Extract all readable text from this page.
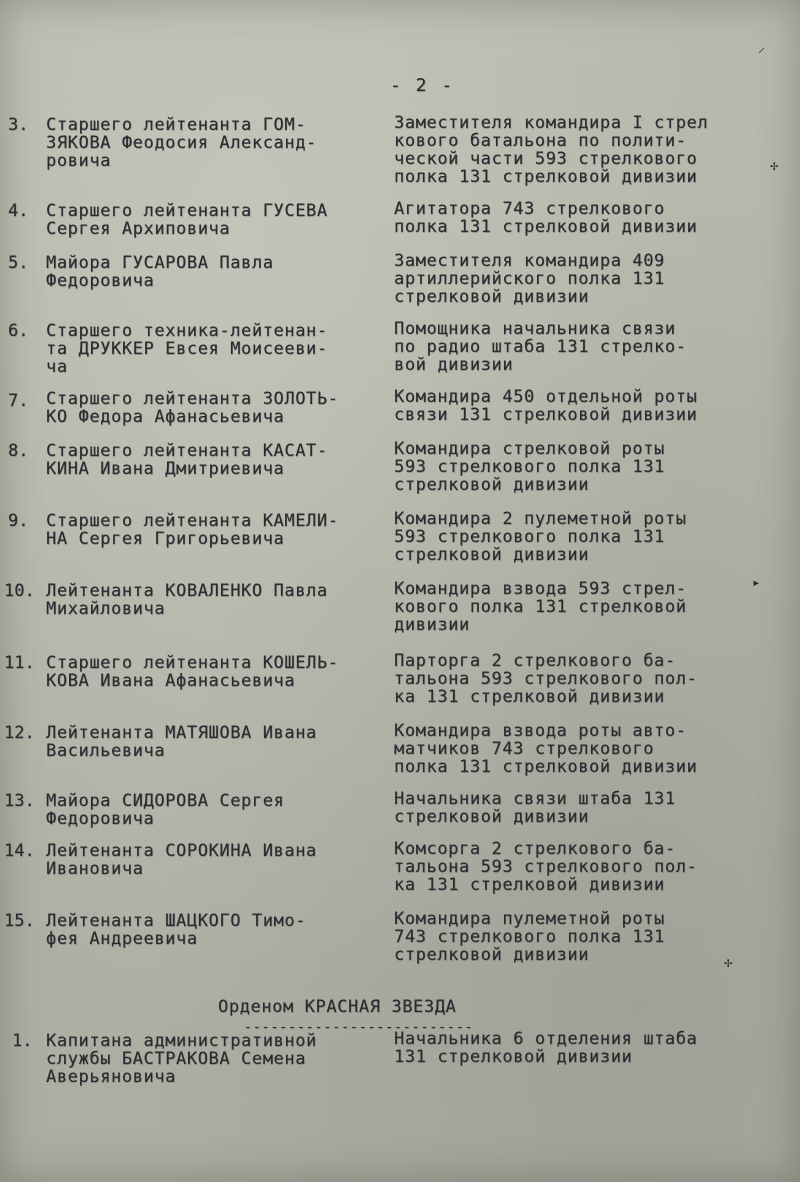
- 2 -
3. Старшего лейтенанта ГОМ-
ЗЯКОВА Феодосия Александ-
ровича
Заместителя командира I стрел
кового батальона по полити-
ческой части 593 стрелкового
полка 131 стрелковой дивизии
4. Старшего лейтенанта ГУСЕВА
Сергея Архиповича
Агитатора 743 стрелкового
полка 131 стрелковой дивизии
5. Майора ГУСАРОВА Павла
Федоровича
Заместителя командира 409
артиллерийского полка 131
стрелковой дивизии
6. Старшего техника-лейтенан-
та ДРУККЕР Евсея Моисееви-
ча
Помощника начальника связи
по радио штаба 131 стрелко-
вой дивизии
7. Старшего лейтенанта ЗОЛОТЬ-
КО Федора Афанасьевича
Командира 450 отдельной роты
связи 131 стрелковой дивизии
8. Старшего лейтенанта КАСАТ-
КИНА Ивана Дмитриевича
Командира стрелковой роты
593 стрелкового полка 131
стрелковой дивизии
9. Старшего лейтенанта КАМЕЛИ-
НА Сергея Григорьевича
Командира 2 пулеметной роты
593 стрелкового полка 131
стрелковой дивизии
10. Лейтенанта КОВАЛЕНКО Павла
Михайловича
Командира взвода 593 стрел-
кового полка 131 стрелковой
дивизии
11. Старшего лейтенанта КОШЕЛЬ-
КОВА Ивана Афанасьевича
Парторга 2 стрелкового ба-
тальона 593 стрелкового пол-
ка 131 стрелковой дивизии
12. Лейтенанта МАТЯШОВА Ивана
Васильевича
Командира взвода роты авто-
матчиков 743 стрелкового
полка 131 стрелковой дивизии
13. Майора СИДОРОВА Сергея
Федоровича
Начальника связи штаба 131
стрелковой дивизии
14. Лейтенанта СОРОКИНА Ивана
Ивановича
Комсорга 2 стрелкового ба-
тальона 593 стрелкового пол-
ка 131 стрелковой дивизии
15. Лейтенанта ШАЦКОГО Тимо-
фея Андреевича
Командира пулеметной роты
743 стрелкового полка 131
стрелковой дивизии
Орденом КРАСНАЯ ЗВЕЗДА
--------------------------
1. Капитана административной
службы БАСТРАКОВА Семена
Аверьяновича
Начальника 6 отделения штаба
131 стрелковой дивизии
✢
▸
✢
⸝
